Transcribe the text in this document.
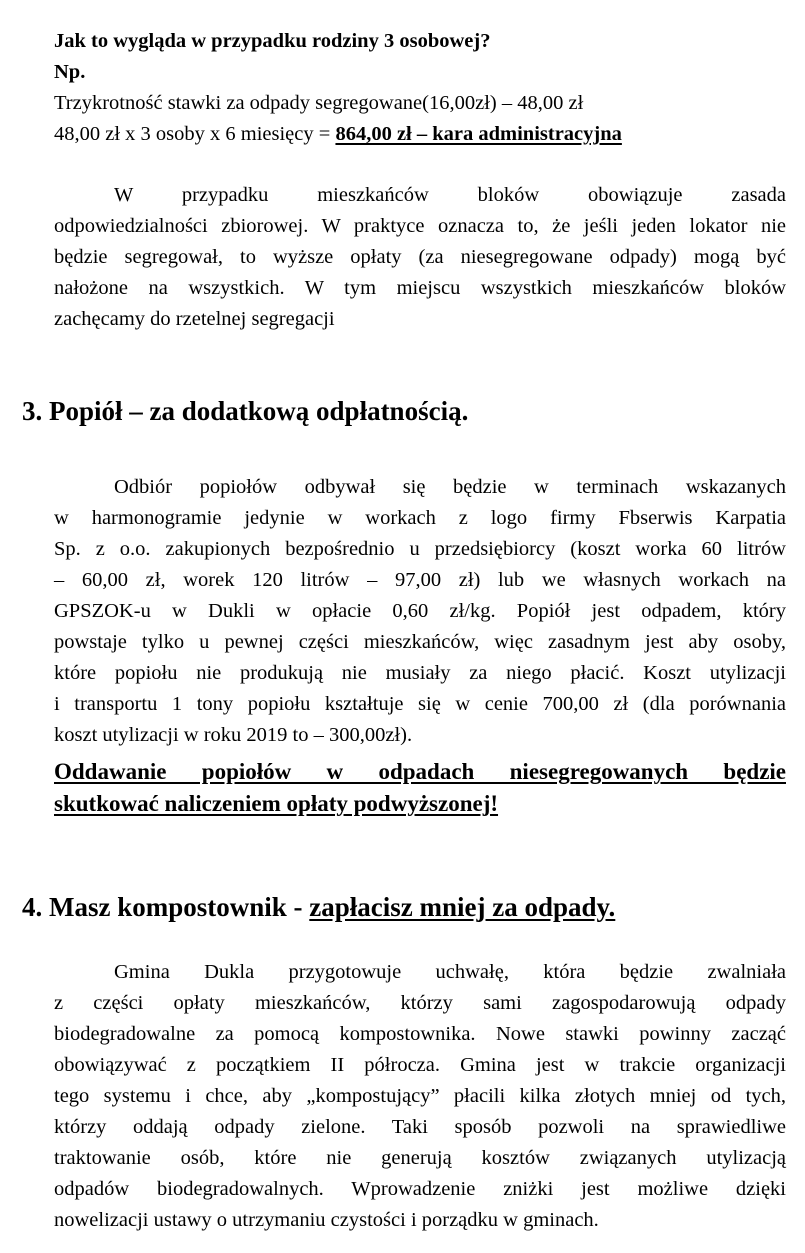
Jak to wygląda w przypadku rodziny 3 osobowej?
Np.
Trzykrotność stawki za odpady segregowane(16,00zł) – 48,00 zł
48,00 zł x 3 osoby x 6 miesięcy = 864,00 zł – kara administracyjna
W przypadku mieszkańców bloków obowiązuje zasada
odpowiedzialności zbiorowej. W praktyce oznacza to, że jeśli jeden lokator nie
będzie segregował, to wyższe opłaty (za niesegregowane odpady) mogą być
nałożone na wszystkich. W tym miejscu wszystkich mieszkańców bloków
zachęcamy do rzetelnej segregacji
3. Popiół – za dodatkową odpłatnością.
Odbiór popiołów odbywał się będzie w terminach wskazanych
w harmonogramie jedynie w workach z logo firmy Fbserwis Karpatia
Sp. z o.o. zakupionych bezpośrednio u przedsiębiorcy (koszt worka 60 litrów
– 60,00 zł, worek 120 litrów – 97,00 zł) lub we własnych workach na
GPSZOK-u w Dukli w opłacie 0,60 zł/kg. Popiół jest odpadem, który
powstaje tylko u pewnej części mieszkańców, więc zasadnym jest aby osoby,
które popiołu nie produkują nie musiały za niego płacić. Koszt utylizacji
i transportu 1 tony popiołu kształtuje się w cenie 700,00 zł (dla porównania
koszt utylizacji w roku 2019 to – 300,00zł).
Oddawanie popiołów w odpadach niesegregowanych będzie
skutkować naliczeniem opłaty podwyższonej!
4. Masz kompostownik - zapłacisz mniej za odpady.
Gmina Dukla przygotowuje uchwałę, która będzie zwalniała
z części opłaty mieszkańców, którzy sami zagospodarowują odpady
biodegradowalne za pomocą kompostownika. Nowe stawki powinny zacząć
obowiązywać z początkiem II półrocza. Gmina jest w trakcie organizacji
tego systemu i chce, aby „kompostujący” płacili kilka złotych mniej od tych,
którzy oddają odpady zielone. Taki sposób pozwoli na sprawiedliwe
traktowanie osób, które nie generują kosztów związanych utylizacją
odpadów biodegradowalnych. Wprowadzenie zniżki jest możliwe dzięki
nowelizacji ustawy o utrzymaniu czystości i porządku w gminach.
